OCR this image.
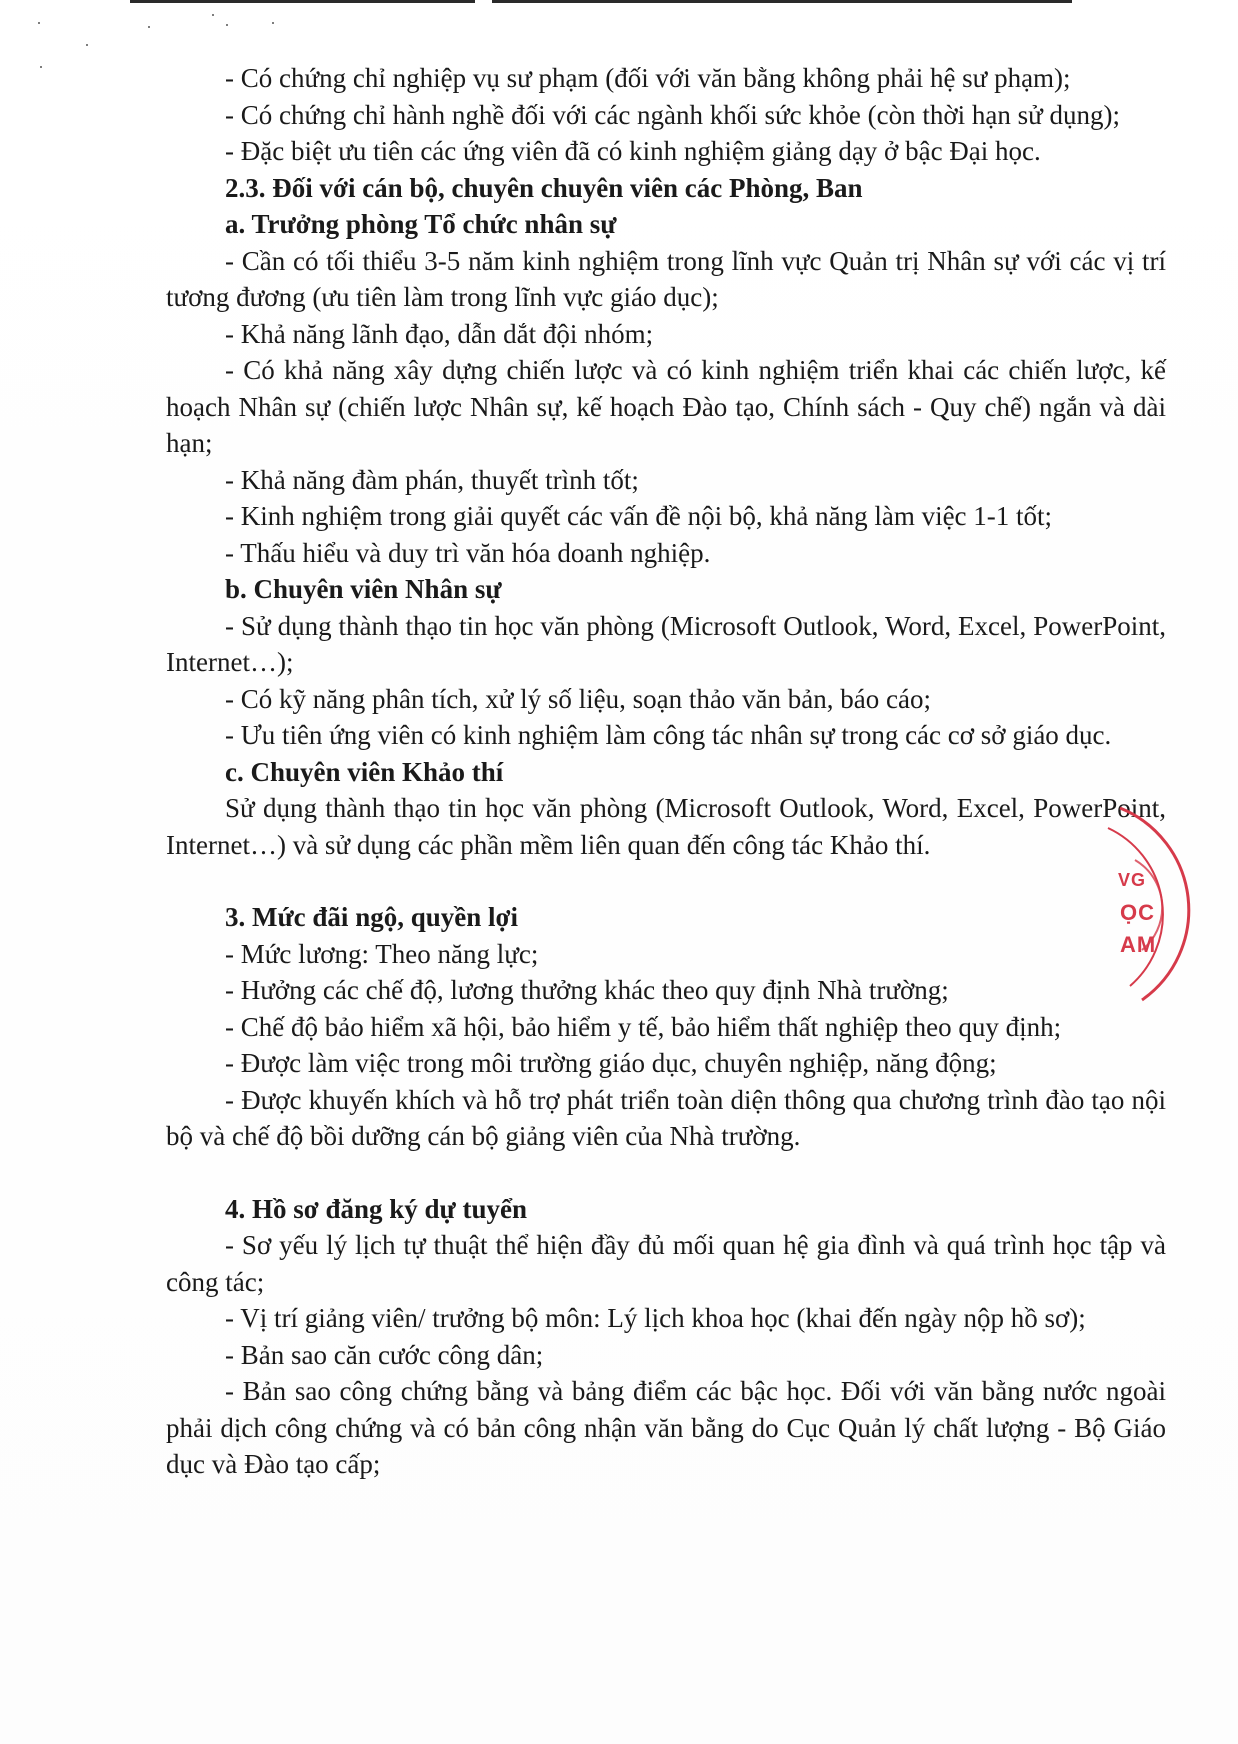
- Có chứng chỉ nghiệp vụ sư phạm (đối với văn bằng không phải hệ sư phạm);
- Có chứng chỉ hành nghề đối với các ngành khối sức khỏe (còn thời hạn sử dụng);
- Đặc biệt ưu tiên các ứng viên đã có kinh nghiệm giảng dạy ở bậc Đại học.
2.3. Đối với cán bộ, chuyên chuyên viên các Phòng, Ban
a. Trưởng phòng Tổ chức nhân sự
- Cần có tối thiểu 3-5 năm kinh nghiệm trong lĩnh vực Quản trị Nhân sự với các vị trí tương đương (ưu tiên làm trong lĩnh vực giáo dục);
- Khả năng lãnh đạo, dẫn dắt đội nhóm;
- Có khả năng xây dựng chiến lược và có kinh nghiệm triển khai các chiến lược, kế hoạch Nhân sự (chiến lược Nhân sự, kế hoạch Đào tạo, Chính sách - Quy chế) ngắn và dài hạn;
- Khả năng đàm phán, thuyết trình tốt;
- Kinh nghiệm trong giải quyết các vấn đề nội bộ, khả năng làm việc 1-1 tốt;
- Thấu hiểu và duy trì văn hóa doanh nghiệp.
b. Chuyên viên Nhân sự
- Sử dụng thành thạo tin học văn phòng (Microsoft Outlook, Word, Excel, PowerPoint, Internet…);
- Có kỹ năng phân tích, xử lý số liệu, soạn thảo văn bản, báo cáo;
- Ưu tiên ứng viên có kinh nghiệm làm công tác nhân sự trong các cơ sở giáo dục.
c. Chuyên viên Khảo thí
Sử dụng thành thạo tin học văn phòng (Microsoft Outlook, Word, Excel, PowerPoint, Internet…) và sử dụng các phần mềm liên quan đến công tác Khảo thí.
3. Mức đãi ngộ, quyền lợi
- Mức lương: Theo năng lực;
- Hưởng các chế độ, lương thưởng khác theo quy định Nhà trường;
- Chế độ bảo hiểm xã hội, bảo hiểm y tế, bảo hiểm thất nghiệp theo quy định;
- Được làm việc trong môi trường giáo dục, chuyên nghiệp, năng động;
- Được khuyến khích và hỗ trợ phát triển toàn diện thông qua chương trình đào tạo nội bộ và chế độ bồi dưỡng cán bộ giảng viên của Nhà trường.
4. Hồ sơ đăng ký dự tuyển
- Sơ yếu lý lịch tự thuật thể hiện đầy đủ mối quan hệ gia đình và quá trình học tập và công tác;
- Vị trí giảng viên/ trưởng bộ môn: Lý lịch khoa học (khai đến ngày nộp hồ sơ);
- Bản sao căn cước công dân;
- Bản sao công chứng bằng và bảng điểm các bậc học. Đối với văn bằng nước ngoài phải dịch công chứng và có bản công nhận văn bằng do Cục Quản lý chất lượng - Bộ Giáo dục và Đào tạo cấp;
VG
ỌC
AM
